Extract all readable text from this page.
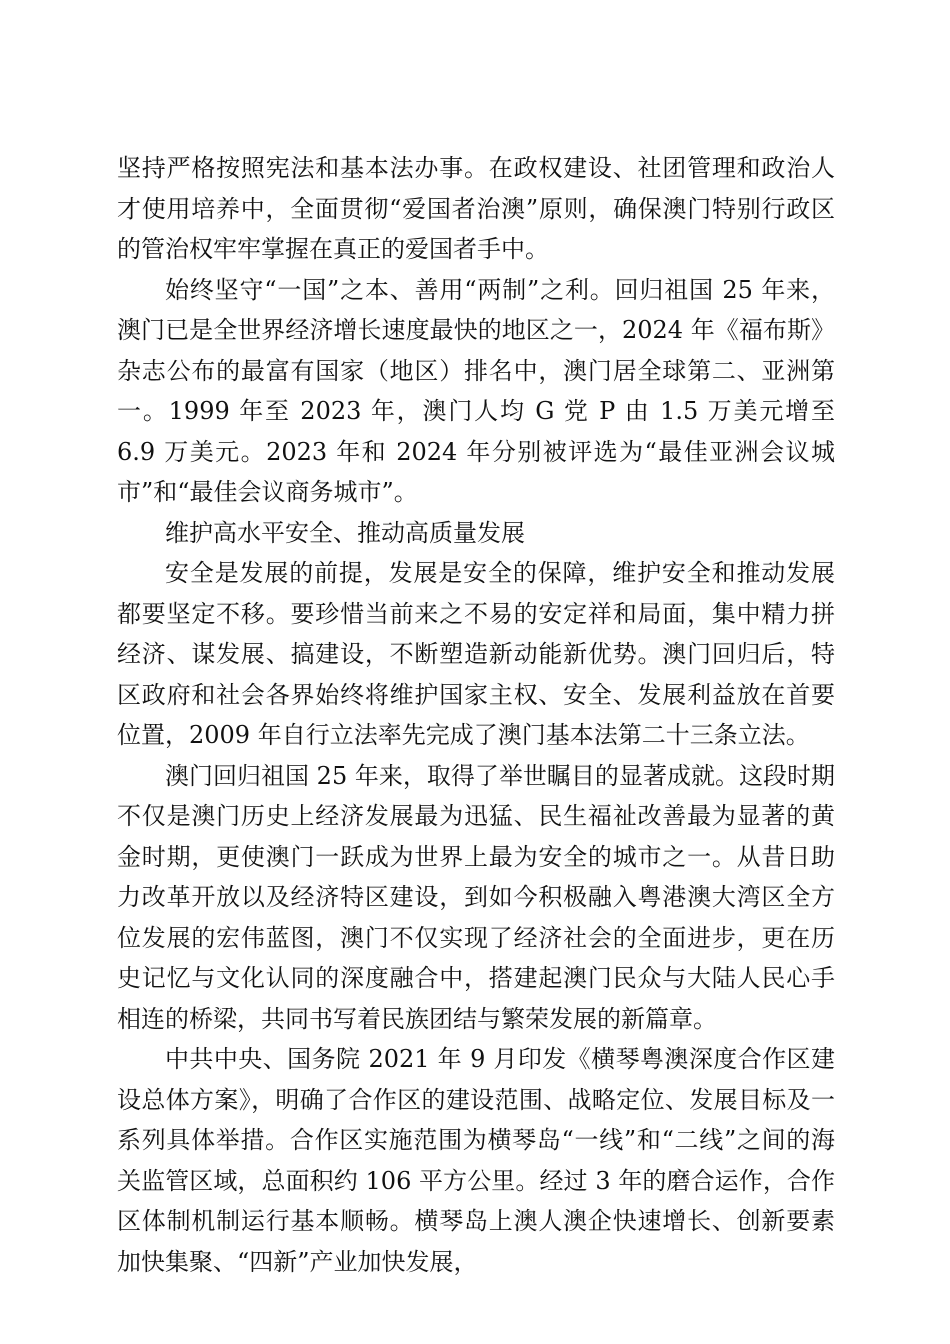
坚持严格按照宪法和基本法办事。在政权建设、社团管理和政治人才使用培养中，全面贯彻“爱国者治澳”原则，确保澳门特别行政区的管治权牢牢掌握在真正的爱国者手中。

始终坚守“一国”之本、善用“两制”之利。回归祖国 25 年来，澳门已是全世界经济增长速度最快的地区之一，2024 年《福布斯》杂志公布的最富有国家（地区）排名中，澳门居全球第二、亚洲第一。1999 年至 2023 年，澳门人均 G 党 P 由 1.5 万美元增至 6.9 万美元。2023 年和 2024 年分别被评选为“最佳亚洲会议城市”和“最佳会议商务城市”。

维护高水平安全、推动高质量发展

安全是发展的前提，发展是安全的保障，维护安全和推动发展都要坚定不移。要珍惜当前来之不易的安定祥和局面，集中精力拼经济、谋发展、搞建设，不断塑造新动能新优势。澳门回归后，特区政府和社会各界始终将维护国家主权、安全、发展利益放在首要位置，2009 年自行立法率先完成了澳门基本法第二十三条立法。

澳门回归祖国 25 年来，取得了举世瞩目的显著成就。这段时期不仅是澳门历史上经济发展最为迅猛、民生福祉改善最为显著的黄金时期，更使澳门一跃成为世界上最为安全的城市之一。从昔日助力改革开放以及经济特区建设，到如今积极融入粤港澳大湾区全方位发展的宏伟蓝图，澳门不仅实现了经济社会的全面进步，更在历史记忆与文化认同的深度融合中，搭建起澳门民众与大陆人民心手相连的桥梁，共同书写着民族团结与繁荣发展的新篇章。

中共中央、国务院 2021 年 9 月印发《横琴粤澳深度合作区建设总体方案》，明确了合作区的建设范围、战略定位、发展目标及一系列具体举措。合作区实施范围为横琴岛“一线”和“二线”之间的海关监管区域，总面积约 106 平方公里。经过 3 年的磨合运作，合作区体制机制运行基本顺畅。横琴岛上澳人澳企快速增长、创新要素加快集聚、“四新”产业加快发展，
